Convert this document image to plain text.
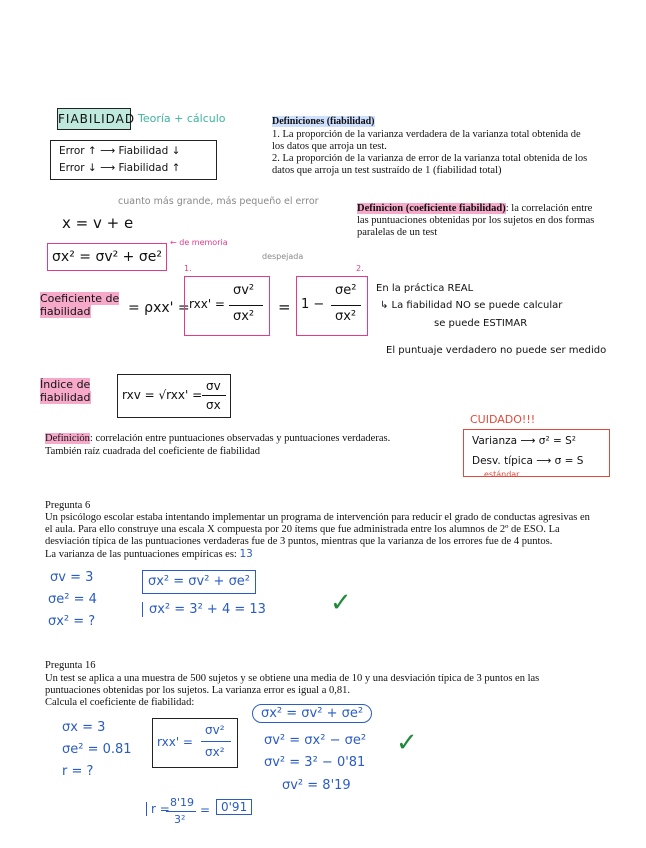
FIABILIDAD Teoría + cálculo
Error ↑ ⟶ Fiabilidad ↓
Error ↓ ⟶ Fiabilidad ↑
Definiciones (fiabilidad)
1. La proporción de la varianza verdadera de la varianza total obtenida de los datos que arroja un test.
2. La proporción de la varianza de error de la varianza total obtenida de los datos que arroja un test sustraído de 1 (fiabilidad total)
cuanto más grande, más pequeño el error
x = v + e
σx² = σv² + σe²
← de memoria
despejada
Definicion (coeficiente fiabilidad): la correlación entre las puntuaciones obtenidas por los sujetos en dos formas paralelas de un test
Coeficiente de fiabilidad	= ρxx' = rxx' =
σv²
σx²
1.
= 1 −
σe²
σx²
2.
En la práctica REAL
↳ La fiabilidad NO se puede calcular
se puede ESTIMAR
El puntuaje verdadero no puede ser medido
Índice de fiabilidad	rxv = √rxx' =
σv
σx
Definición: correlación entre puntuaciones observadas y puntuaciones verdaderas.
También raíz cuadrada del coeficiente de fiabilidad
CUIDADO!!!
Varianza ⟶ σ² = S²
Desv. típica ⟶ σ = S
estándar
Pregunta 6
Un psicólogo escolar estaba intentando implementar un programa de intervención para reducir el grado de conductas agresivas en el aula. Para ello construye una escala X compuesta por 20 ítems que fue administrada entre los alumnos de 2º de ESO. La desviación típica de las puntuaciones verdaderas fue de 3 puntos, mientras que la varianza de los errores fue de 4 puntos.
La varianza de las puntuaciones empíricas es: 13
σv = 3
σe² = 4
σx² = ?
σx² = σv² + σe²
σx² = 3² + 4 = 13 ✓
Pregunta 16
Un test se aplica a una muestra de 500 sujetos y se obtiene una media de 10 y una desviación típica de 3 puntos en las puntuaciones obtenidas por los sujetos. La varianza error es igual a 0,81.
Calcula el coeficiente de fiabilidad:
σx = 3
σe² = 0.81
r = ?
rxx' =
σv²
σx²
σx² = σv² + σe²
σv² = σx² − σe²
σv² = 3² − 0'81
σv² = 8'19
✓
r = 8'19
3²
= 0'91
